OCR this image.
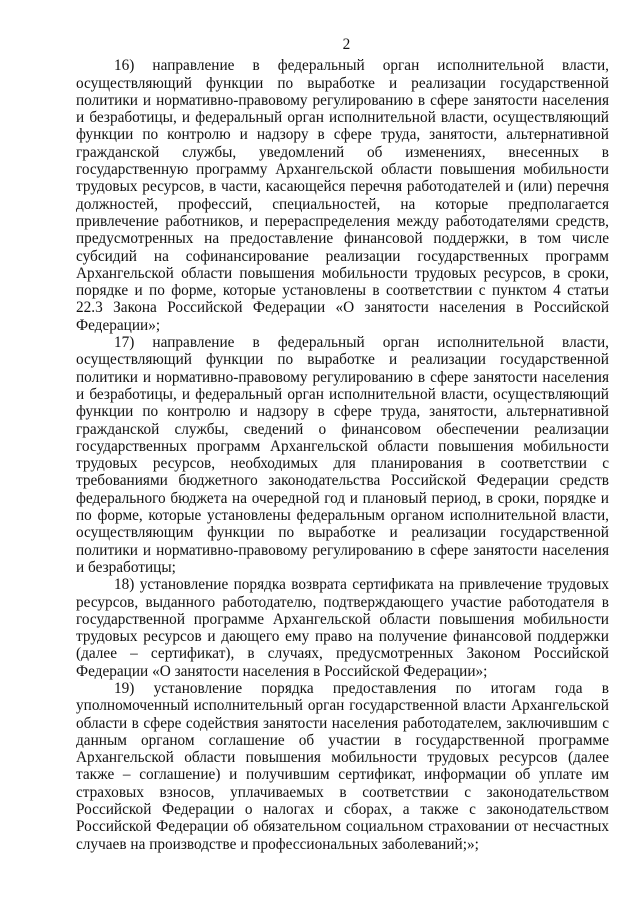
2

16) направление в федеральный орган исполнительной власти, осуществляющий функции по выработке и реализации государственной политики и нормативно-правовому регулированию в сфере занятости населения и безработицы, и федеральный орган исполнительной власти, осуществляющий функции по контролю и надзору в сфере труда, занятости, альтернативной гражданской службы, уведомлений об изменениях, внесенных в государственную программу Архангельской области повышения мобильности трудовых ресурсов, в части, касающейся перечня работодателей и (или) перечня должностей, профессий, специальностей, на которые предполагается привлечение работников, и перераспределения между работодателями средств, предусмотренных на предоставление финансовой поддержки, в том числе субсидий на софинансирование реализации государственных программ Архангельской области повышения мобильности трудовых ресурсов, в сроки, порядке и по форме, которые установлены в соответствии с пунктом 4 статьи 22.3 Закона Российской Федерации «О занятости населения в Российской Федерации»;

17) направление в федеральный орган исполнительной власти, осуществляющий функции по выработке и реализации государственной политики и нормативно-правовому регулированию в сфере занятости населения и безработицы, и федеральный орган исполнительной власти, осуществляющий функции по контролю и надзору в сфере труда, занятости, альтернативной гражданской службы, сведений о финансовом обеспечении реализации государственных программ Архангельской области повышения мобильности трудовых ресурсов, необходимых для планирования в соответствии с требованиями бюджетного законодательства Российской Федерации средств федерального бюджета на очередной год и плановый период, в сроки, порядке и по форме, которые установлены федеральным органом исполнительной власти, осуществляющим функции по выработке и реализации государственной политики и нормативно-правовому регулированию в сфере занятости населения и безработицы;

18) установление порядка возврата сертификата на привлечение трудовых ресурсов, выданного работодателю, подтверждающего участие работодателя в государственной программе Архангельской области повышения мобильности трудовых ресурсов и дающего ему право на получение финансовой поддержки (далее – сертификат), в случаях, предусмотренных Законом Российской Федерации «О занятости населения в Российской Федерации»;

19) установление порядка предоставления по итогам года в уполномоченный исполнительный орган государственной власти Архангельской области в сфере содействия занятости населения работодателем, заключившим с данным органом соглашение об участии в государственной программе Архангельской области повышения мобильности трудовых ресурсов (далее также – соглашение) и получившим сертификат, информации об уплате им страховых взносов, уплачиваемых в соответствии с законодательством Российской Федерации о налогах и сборах, а также с законодательством Российской Федерации об обязательном социальном страховании от несчастных случаев на производстве и профессиональных заболеваний;»;
